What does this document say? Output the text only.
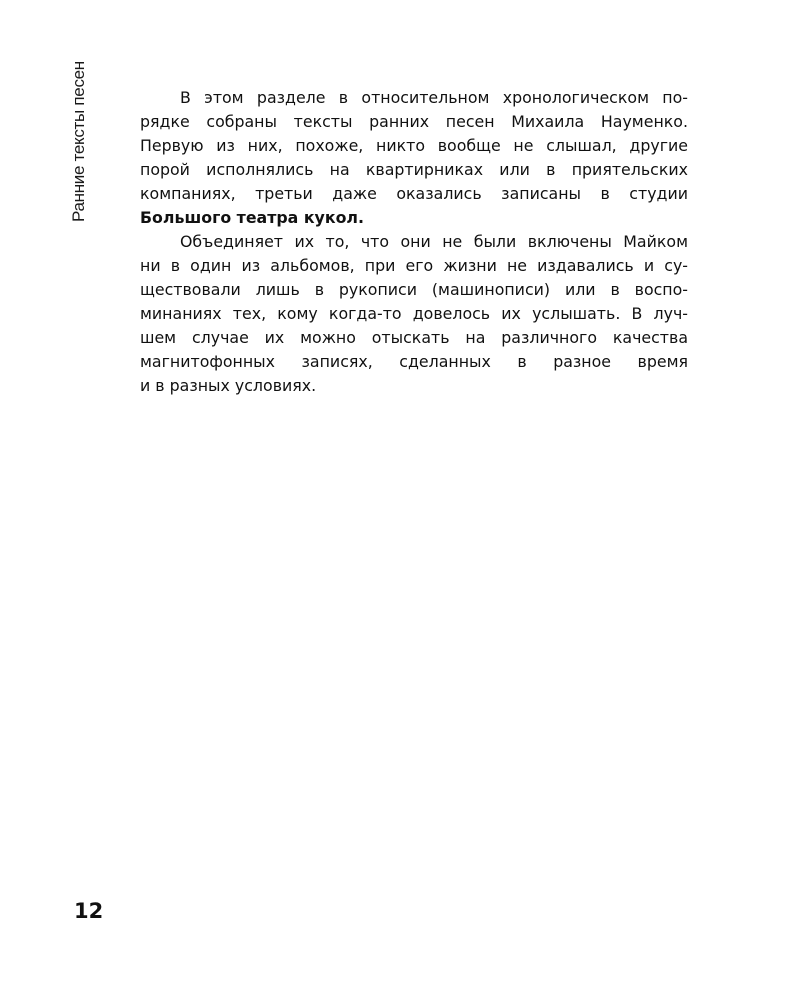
Ранние тексты песен	В этом разделе в относительном хронологическом по-
рядке собраны тексты ранних песен Михаила Науменко.
Первую из них, похоже, никто вообще не слышал, другие
порой исполнялись на квартирниках или в приятельских
компаниях, третьи даже оказались записаны в студии
Большого театра кукол.
Объединяет их то, что они не были включены Майком
ни в один из альбомов, при его жизни не издавались и су-
ществовали лишь в рукописи (машинописи) или в воспо-
минаниях тех, кому когда-то довелось их услышать. В луч-
шем случае их можно отыскать на различного качества
магнитофонных записях, сделанных в разное время
и в разных условиях.
12
